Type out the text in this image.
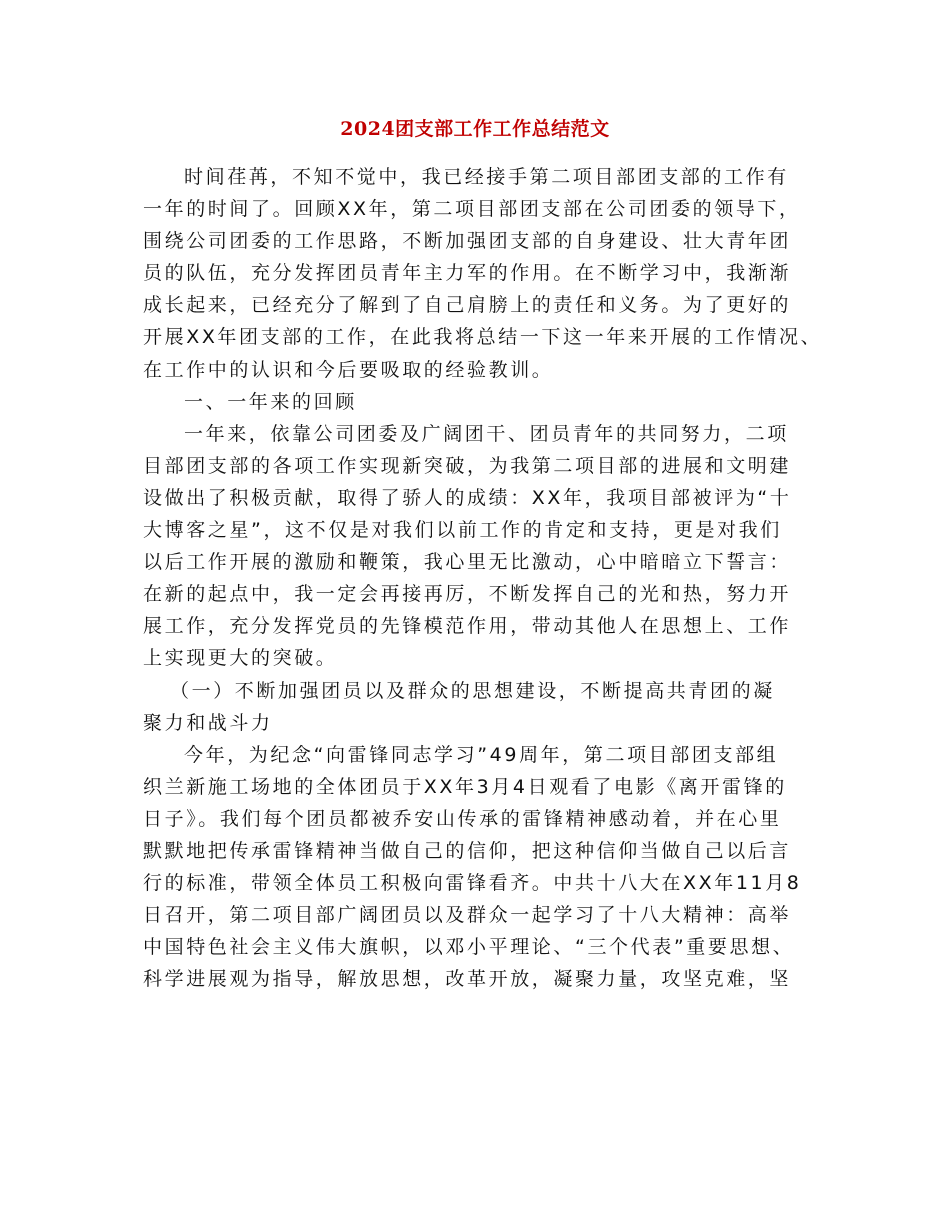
2024团支部工作工作总结范文
时间荏苒，不知不觉中，我已经接手第二项目部团支部的工作有
一年的时间了。回顾XX年，第二项目部团支部在公司团委的领导下，
围绕公司团委的工作思路，不断加强团支部的自身建设、壮大青年团
员的队伍，充分发挥团员青年主力军的作用。在不断学习中，我渐渐
成长起来，已经充分了解到了自己肩膀上的责任和义务。为了更好的
开展XX年团支部的工作，在此我将总结一下这一年来开展的工作情况、
在工作中的认识和今后要吸取的经验教训。
一、一年来的回顾
一年来，依靠公司团委及广阔团干、团员青年的共同努力，二项
目部团支部的各项工作实现新突破，为我第二项目部的进展和文明建
设做出了积极贡献，取得了骄人的成绩：XX年，我项目部被评为“十
大博客之星”，这不仅是对我们以前工作的肯定和支持，更是对我们
以后工作开展的激励和鞭策，我心里无比激动，心中暗暗立下誓言：
在新的起点中，我一定会再接再厉，不断发挥自己的光和热，努力开
展工作，充分发挥党员的先锋模范作用，带动其他人在思想上、工作
上实现更大的突破。
（一）不断加强团员以及群众的思想建设，不断提高共青团的凝
聚力和战斗力
今年，为纪念“向雷锋同志学习”49周年，第二项目部团支部组
织兰新施工场地的全体团员于XX年3月4日观看了电影《离开雷锋的
日子》。我们每个团员都被乔安山传承的雷锋精神感动着，并在心里
默默地把传承雷锋精神当做自己的信仰，把这种信仰当做自己以后言
行的标准，带领全体员工积极向雷锋看齐。中共十八大在XX年11月8
日召开，第二项目部广阔团员以及群众一起学习了十八大精神：高举
中国特色社会主义伟大旗帜，以邓小平理论、“三个代表”重要思想、
科学进展观为指导，解放思想，改革开放，凝聚力量，攻坚克难，坚
